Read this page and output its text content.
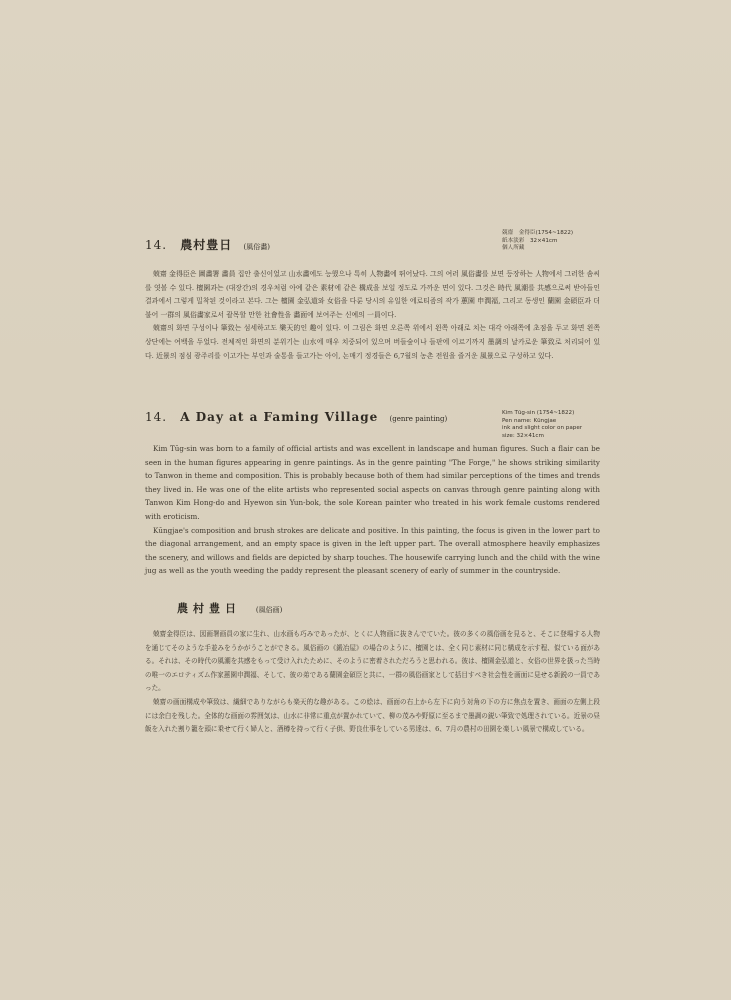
14. 農村豊日 (風俗畵)
兢齋　金得臣(1754~1822)
紙本淡彩　32×41cm
個人所藏

兢齋 金得臣은 圖畵署 畵員 집안 출신이었고 山水畵에도 능했으나 특히 人物畵에 뛰어났다. 그의 여러 風俗畵를 보면 등장하는 人物에서 그러한 솜씨를 엿볼 수 있다. 檀園과는 (대장간)의 경우처럼 아예 같은 素材에 같은 構成을 보일 정도로 가까운 면이 있다. 그것은 時代 風潮를 共感으로써 받아들인 결과에서 그렇게 밀착된 것이라고 본다. 그는 檀園 金弘道와 女俗을 다룬 당시의 유일한 에로티즘의 작가 蕙園 申潤福, 그리고 동생인 蘭園 金碩臣과 더불어 一群의 風俗畵家로서 괄목할 만한 社會性을 畵面에 보여주는 신예의 一員이다.

兢齋의 화면 구성이나 筆致는 섬세하고도 樂天的인 趣이 있다. 이 그림은 화면 오른쪽 위에서 왼쪽 아래로 치는 대각 아래쪽에 초점을 두고 화면 왼쪽 상단에는 여백을 두었다. 전체적인 화면의 분위기는 山水에 매우 치중되어 있으며 버들숲이나 들판에 이르기까지 墨調의 날카로운 筆致로 처리되어 있다. 近景의 점심 광주리를 이고가는 부인과 술통을 들고가는 아이, 논매기 정경들은 6,7월의 농촌 전원을 즐거운 風景으로 구성하고 있다.

14. A Day at a Faming Village (genre painting)
Kim Tūg-sin (1754~1822)
Pen name: Kūngjae
ink and slight color on paper
size: 32×41cm

Kim Tūg-sin was born to a family of official artists and was excellent in landscape and human figures. Such a flair can be seen in the human figures appearing in genre paintings. As in the genre painting "The Forge," he shows striking similarity to Tanwon in theme and composition. This is probably because both of them had similar perceptions of the times and trends they lived in. He was one of the elite artists who represented social aspects on canvas through genre painting along with Tanwon Kim Hong-do and Hyewon sin Yun-bok, the sole Korean painter who treated in his work female customs rendered with eroticism.

Kūngjae's composition and brush strokes are delicate and positive. In this painting, the focus is given in the lower part to the diagonal arrangement, and an empty space is given in the left upper part. The overall atmosphere heavily emphasizes the scenery, and willows and fields are depicted by sharp touches. The housewife carrying lunch and the child with the wine jug as well as the youth weeding the paddy represent the pleasant scenery of early of summer in the countryside.

農村豊日 (風俗画)

兢齋金得臣は、図画署画員の家に生れ、山水画も巧みであったが、とくに人物画に抜きんでていた。彼の多くの風俗画を見ると、そこに登場する人物を通じてそのような手並みをうかがうことができる。風俗画の《鍛冶屋》の場合のように、檀園とは、全く同じ素材に同じ構成を示す程、似ている面がある。それは、その時代の風潮を共感をもって受け入れたために、そのように密着されただろうと思われる。彼は、檀園金弘道と、女俗の世界を扱った当時の唯一のエロティズム作家蕙園申潤福、そして、彼の弟である蘭園金碩臣と共に、一群の風俗画家として括目すべき社会性を画面に見せる新鋭の一員であった。

兢齋の画面構成や筆致は、繊細でありながらも楽天的な趣がある。この絵は、画面の右上から左下に向う対角の下の方に焦点を置き、画面の左側上段には余白を残した。全体的な画面の雰囲気は、山水に非常に重点が置かれていて、柳の茂みや野原に至るまで墨調の鋭い筆致で処理されている。近景の昼飯を入れた割り籠を頭に乗せて行く婦人と、酒樽を持って行く子供、野良仕事をしている男達は、6、7月の農村の田園を楽しい風景で構成している。
